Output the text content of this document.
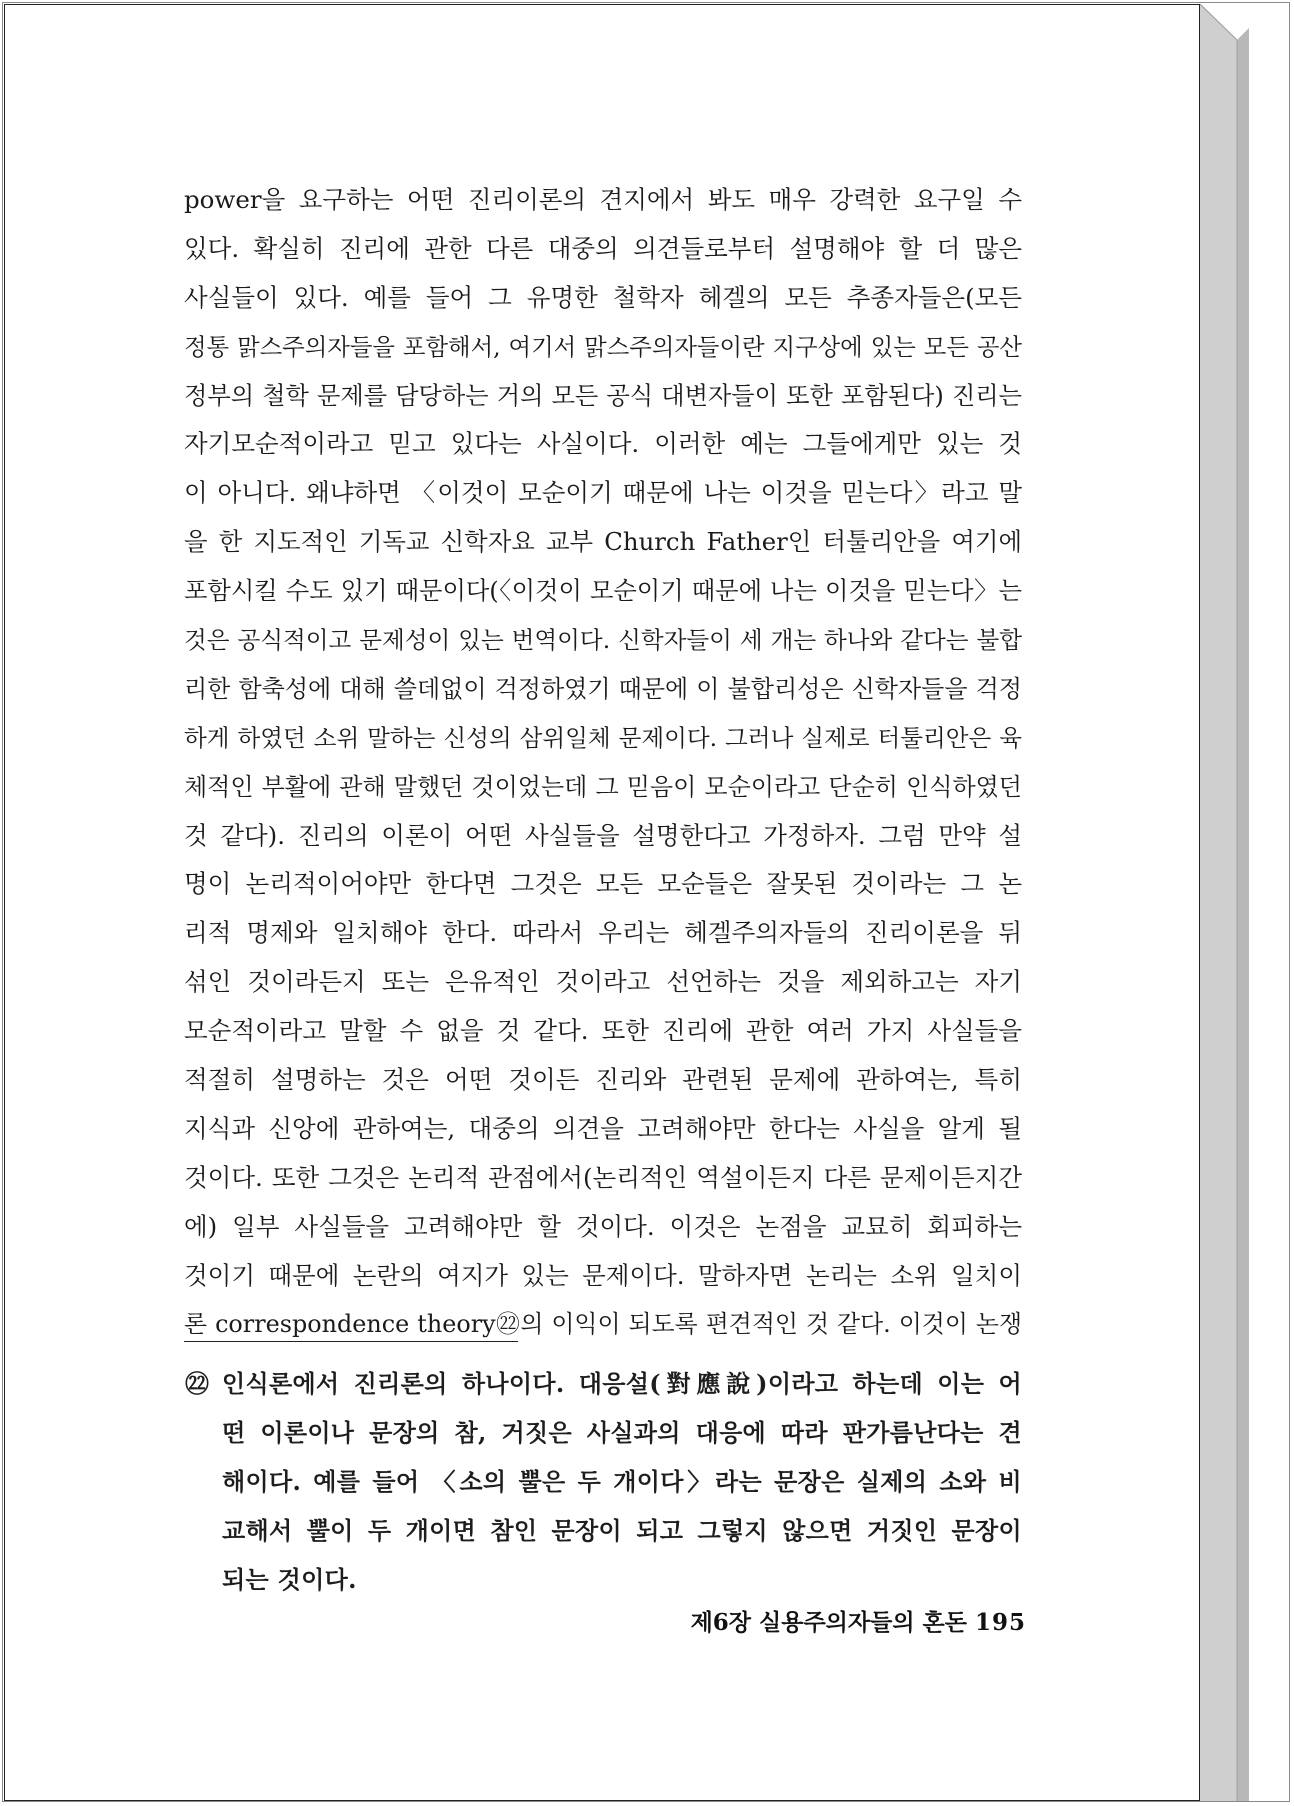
power을 요구하는 어떤 진리이론의 견지에서 봐도 매우 강력한 요구일 수
있다. 확실히 진리에 관한 다른 대중의 의견들로부터 설명해야 할 더 많은
사실들이 있다. 예를 들어 그 유명한 철학자 헤겔의 모든 추종자들은(모든
정통 맑스주의자들을 포함해서, 여기서 맑스주의자들이란 지구상에 있는 모든 공산
정부의 철학 문제를 담당하는 거의 모든 공식 대변자들이 또한 포함된다) 진리는
자기모순적이라고 믿고 있다는 사실이다. 이러한 예는 그들에게만 있는 것
이 아니다. 왜냐하면 〈이것이 모순이기 때문에 나는 이것을 믿는다〉라고 말
을 한 지도적인 기독교 신학자요 교부 Church Father인 터툴리안을 여기에
포함시킬 수도 있기 때문이다(〈이것이 모순이기 때문에 나는 이것을 믿는다〉는
것은 공식적이고 문제성이 있는 번역이다. 신학자들이 세 개는 하나와 같다는 불합
리한 함축성에 대해 쓸데없이 걱정하였기 때문에 이 불합리성은 신학자들을 걱정
하게 하였던 소위 말하는 신성의 삼위일체 문제이다. 그러나 실제로 터툴리안은 육
체적인 부활에 관해 말했던 것이었는데 그 믿음이 모순이라고 단순히 인식하였던
것 같다). 진리의 이론이 어떤 사실들을 설명한다고 가정하자. 그럼 만약 설
명이 논리적이어야만 한다면 그것은 모든 모순들은 잘못된 것이라는 그 논
리적 명제와 일치해야 한다. 따라서 우리는 헤겔주의자들의 진리이론을 뒤
섞인 것이라든지 또는 은유적인 것이라고 선언하는 것을 제외하고는 자기
모순적이라고 말할 수 없을 것 같다. 또한 진리에 관한 여러 가지 사실들을
적절히 설명하는 것은 어떤 것이든 진리와 관련된 문제에 관하여는, 특히
지식과 신앙에 관하여는, 대중의 의견을 고려해야만 한다는 사실을 알게 될
것이다. 또한 그것은 논리적 관점에서(논리적인 역설이든지 다른 문제이든지간
에) 일부 사실들을 고려해야만 할 것이다. 이것은 논점을 교묘히 회피하는
것이기 때문에 논란의 여지가 있는 문제이다. 말하자면 논리는 소위 일치이
론 correspondence theory㉒의 이익이 되도록 편견적인 것 같다. 이것이 논쟁
㉒ 인식론에서 진리론의 하나이다. 대응설(對應說)이라고 하는데 이는 어
떤 이론이나 문장의 참, 거짓은 사실과의 대응에 따라 판가름난다는 견
해이다. 예를 들어 〈소의 뿔은 두 개이다〉라는 문장은 실제의 소와 비
교해서 뿔이 두 개이면 참인 문장이 되고 그렇지 않으면 거짓인 문장이
되는 것이다.
제6장 실용주의자들의 혼돈 195
